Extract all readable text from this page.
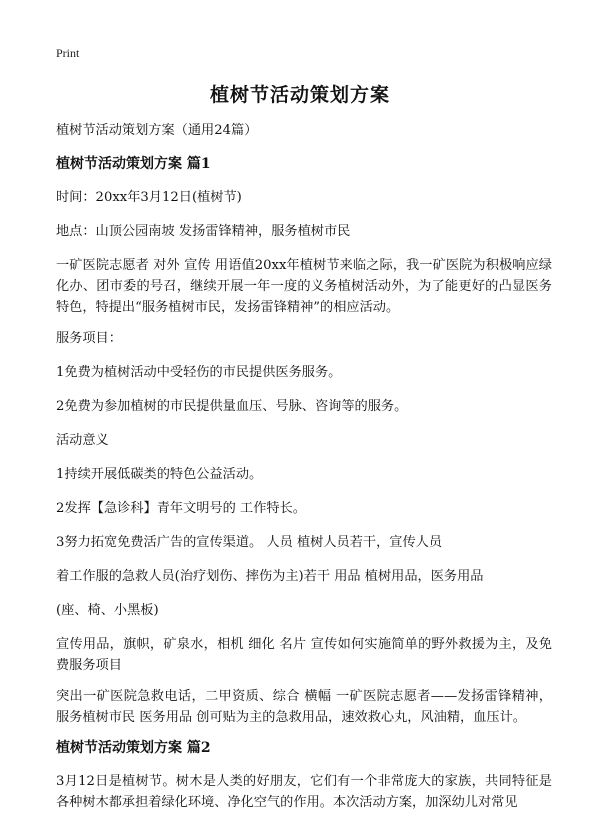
Print
植树节活动策划方案

植树节活动策划方案（通用24篇）

植树节活动策划方案 篇1

时间：20xx年3月12日(植树节)

地点：山顶公园南坡 发扬雷锋精神，服务植树市民

一矿医院志愿者 对外 宣传 用语值20xx年植树节来临之际，我一矿医院为积极响应绿化办、团市委的号召，继续开展一年一度的义务植树活动外，为了能更好的凸显医务特色，特提出“服务植树市民，发扬雷锋精神”的相应活动。

服务项目：

1免费为植树活动中受轻伤的市民提供医务服务。

2免费为参加植树的市民提供量血压、号脉、咨询等的服务。

活动意义

1持续开展低碳类的特色公益活动。

2发挥【急诊科】青年文明号的 工作特长。

3努力拓宽免费活广告的宣传渠道。 人员 植树人员若干，宣传人员

着工作服的急救人员(治疗划伤、摔伤为主)若干 用品 植树用品，医务用品

(座、椅、小黑板)

宣传用品，旗帜，矿泉水，相机 细化 名片 宣传如何实施简单的野外救援为主，及免费服务项目

突出一矿医院急救电话，二甲资质、综合 横幅 一矿医院志愿者——发扬雷锋精神，服务植树市民 医务用品 创可贴为主的急救用品，速效救心丸，风油精，血压计。

植树节活动策划方案 篇2

3月12日是植树节。树木是人类的好朋友，它们有一个非常庞大的家族，共同特征是各种树木都承担着绿化环境、净化空气的作用。本次活动方案，加深幼儿对常见
